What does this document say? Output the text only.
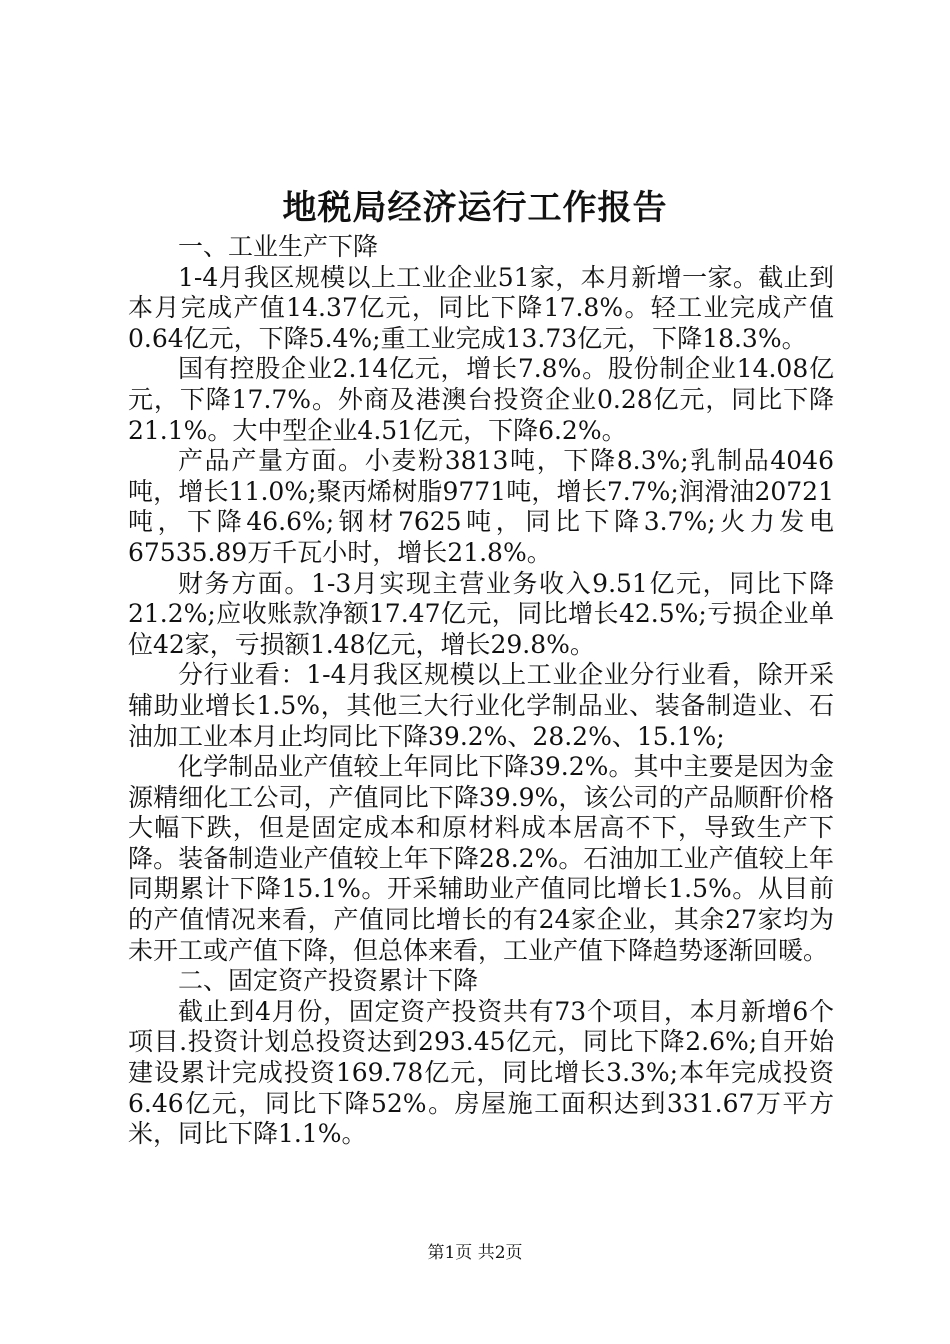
地税局经济运行工作报告

一、工业生产下降

1-4月我区规模以上工业企业51家，本月新增一家。截止到本月完成产值14.37亿元，同比下降17.8%。轻工业完成产值0.64亿元，下降5.4%;重工业完成13.73亿元，下降18.3%。

国有控股企业2.14亿元，增长7.8%。股份制企业14.08亿元，下降17.7%。外商及港澳台投资企业0.28亿元，同比下降21.1%。大中型企业4.51亿元，下降6.2%。

产品产量方面。小麦粉3813吨，下降8.3%;乳制品4046吨，增长11.0%;聚丙烯树脂9771吨，增长7.7%;润滑油20721吨，下降46.6%;钢材7625吨，同比下降3.7%;火力发电67535.89万千瓦小时，增长21.8%。

财务方面。1-3月实现主营业务收入9.51亿元，同比下降21.2%;应收账款净额17.47亿元，同比增长42.5%;亏损企业单位42家，亏损额1.48亿元，增长29.8%。

分行业看：1-4月我区规模以上工业企业分行业看，除开采辅助业增长1.5%，其他三大行业化学制品业、装备制造业、石油加工业本月止均同比下降39.2%、28.2%、15.1%;

化学制品业产值较上年同比下降39.2%。其中主要是因为金源精细化工公司，产值同比下降39.9%，该公司的产品顺酐价格大幅下跌，但是固定成本和原材料成本居高不下，导致生产下降。装备制造业产值较上年下降28.2%。石油加工业产值较上年同期累计下降15.1%。开采辅助业产值同比增长1.5%。从目前的产值情况来看，产值同比增长的有24家企业，其余27家均为未开工或产值下降，但总体来看，工业产值下降趋势逐渐回暖。

二、固定资产投资累计下降

截止到4月份，固定资产投资共有73个项目，本月新增6个项目.投资计划总投资达到293.45亿元，同比下降2.6%;自开始建设累计完成投资169.78亿元，同比增长3.3%;本年完成投资6.46亿元，同比下降52%。房屋施工面积达到331.67万平方米，同比下降1.1%。

第1页 共2页
